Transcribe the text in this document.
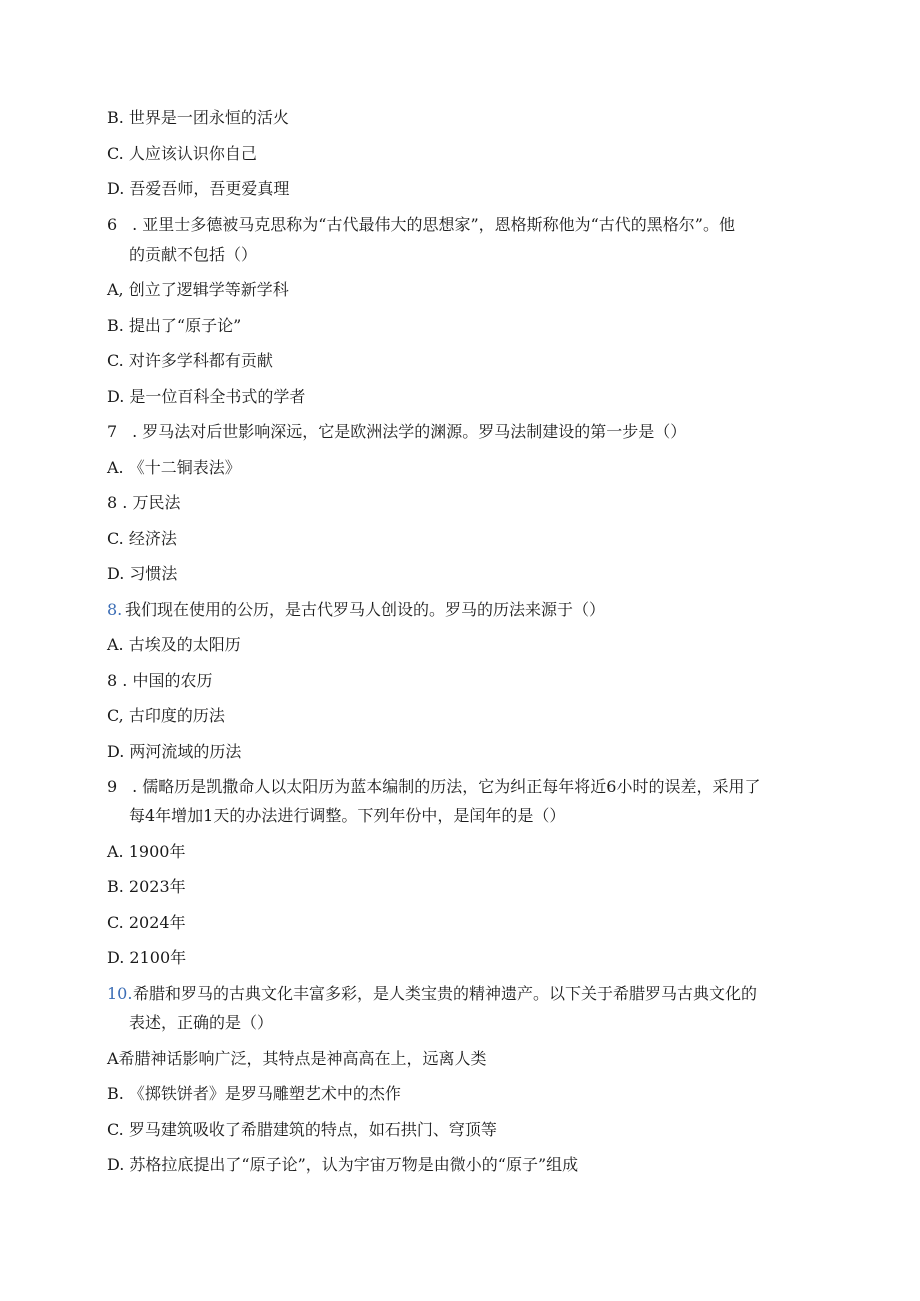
B. 世界是一团永恒的活火
C. 人应该认识你自己
D. 吾爱吾师，吾更爱真理
6 . 亚里士多德被马克思称为“古代最伟大的思想家”，恩格斯称他为“古代的黑格尔”。他
的贡献不包括（）
A, 创立了逻辑学等新学科
B. 提出了“原子论”
C. 对许多学科都有贡献
D. 是一位百科全书式的学者
7 . 罗马法对后世影响深远，它是欧洲法学的渊源。罗马法制建设的第一步是（）
A. 《十二铜表法》
8 . 万民法
C. 经济法
D. 习惯法
8. 我们现在使用的公历，是古代罗马人创设的。罗马的历法来源于（）
A. 古埃及的太阳历
8 . 中国的农历
C, 古印度的历法
D. 两河流域的历法
9 . 儒略历是凯撒命人以太阳历为蓝本编制的历法，它为纠正每年将近6小时的误差，采用了
每4年增加1天的办法进行调整。下列年份中，是闰年的是（）
A. 1900年
B. 2023年
C. 2024年
D. 2100年
10.希腊和罗马的古典文化丰富多彩，是人类宝贵的精神遗产。以下关于希腊罗马古典文化的
表述，正确的是（）
A希腊神话影响广泛，其特点是神高高在上，远离人类
B. 《掷铁饼者》是罗马雕塑艺术中的杰作
C. 罗马建筑吸收了希腊建筑的特点，如石拱门、穹顶等
D. 苏格拉底提出了“原子论”，认为宇宙万物是由微小的“原子”组成
